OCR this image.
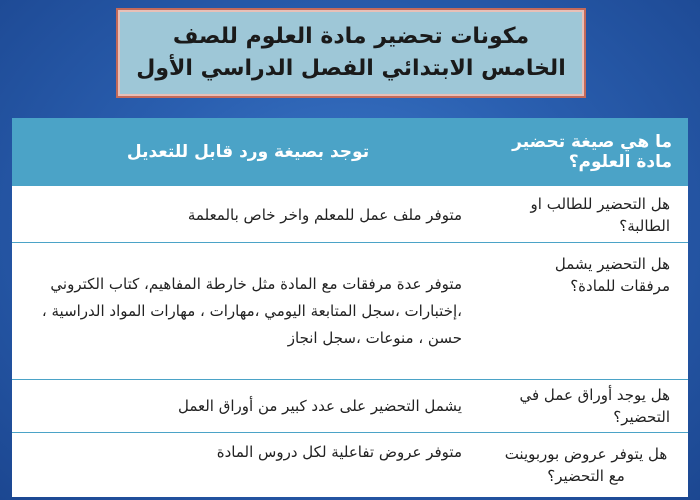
مكونات تحضير مادة العلوم للصف
الخامس الابتدائي الفصل الدراسي الأول
ما هي صيغة تحضير مادة العلوم؟	توجد بصيغة ورد قابل للتعديل
هل التحضير للطالب او الطالبة؟	متوفر ملف عمل للمعلم واخر خاص بالمعلمة
هل التحضير يشمل مرفقات للمادة؟	متوفر عدة مرفقات مع المادة مثل خارطة المفاهيم، كتاب الكتروني ،إختبارات ،سجل المتابعة اليومي ،مهارات ، مهارات المواد الدراسية ، حسن ، منوعات ،سجل انجاز
هل يوجد أوراق عمل في التحضير؟	يشمل التحضير على عدد كبير من أوراق العمل
هل يتوفر عروض بوربوينت مع التحضير؟	متوفر عروض تفاعلية لكل دروس المادة
